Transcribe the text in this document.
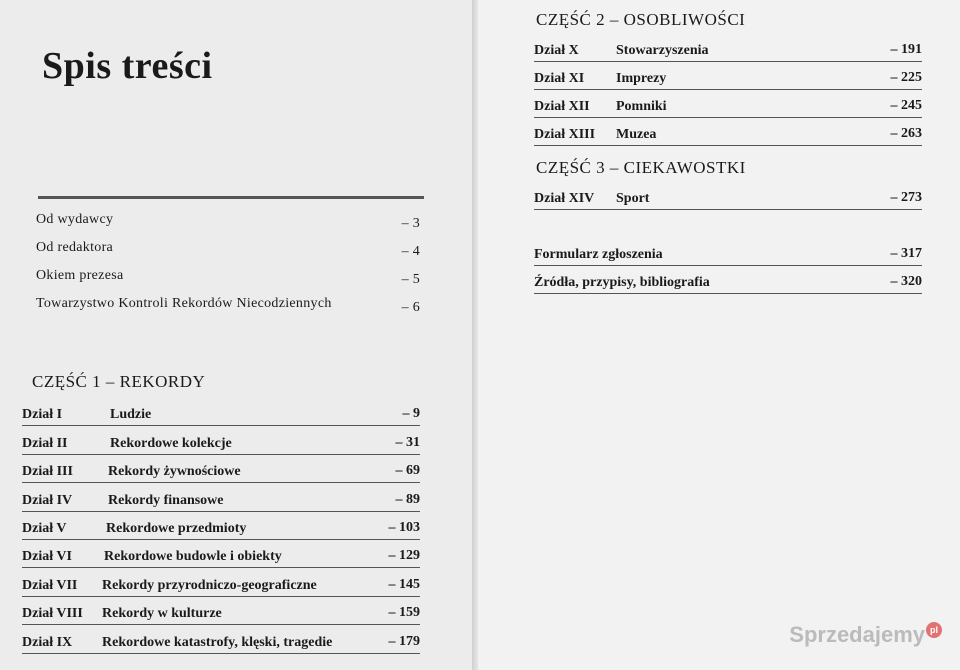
Spis treści
Od wydawcy	– 3
Od redaktora	– 4
Okiem prezesa	– 5
Towarzystwo Kontroli Rekordów Niecodziennych	– 6
CZĘŚĆ 1 – REKORDY
Dział I	Ludzie	– 9
Dział II	Rekordowe kolekcje	– 31
Dział III	Rekordy żywnościowe	– 69
Dział IV	Rekordy finansowe	– 89
Dział V	Rekordowe przedmioty	– 103
Dział VI Rekordowe budowle i obiekty	– 129
Dział VII Rekordy przyrodniczo-geograficzne	– 145
Dział VIII Rekordy w kulturze	– 159
Dział IX Rekordowe katastrofy, klęski, tragedie	– 179
CZĘŚĆ 2 – OSOBLIWOŚCI
Dział X	Stowarzyszenia	– 191
Dział XI Imprezy	– 225
Dział XII Pomniki	– 245
Dział XIII Muzea	– 263
CZĘŚĆ 3 – CIEKAWOSTKI
Dział XIV Sport	– 273
Formularz zgłoszenia	– 317
Źródła, przypisy, bibliografia	– 320
Sprzedajemy pl
